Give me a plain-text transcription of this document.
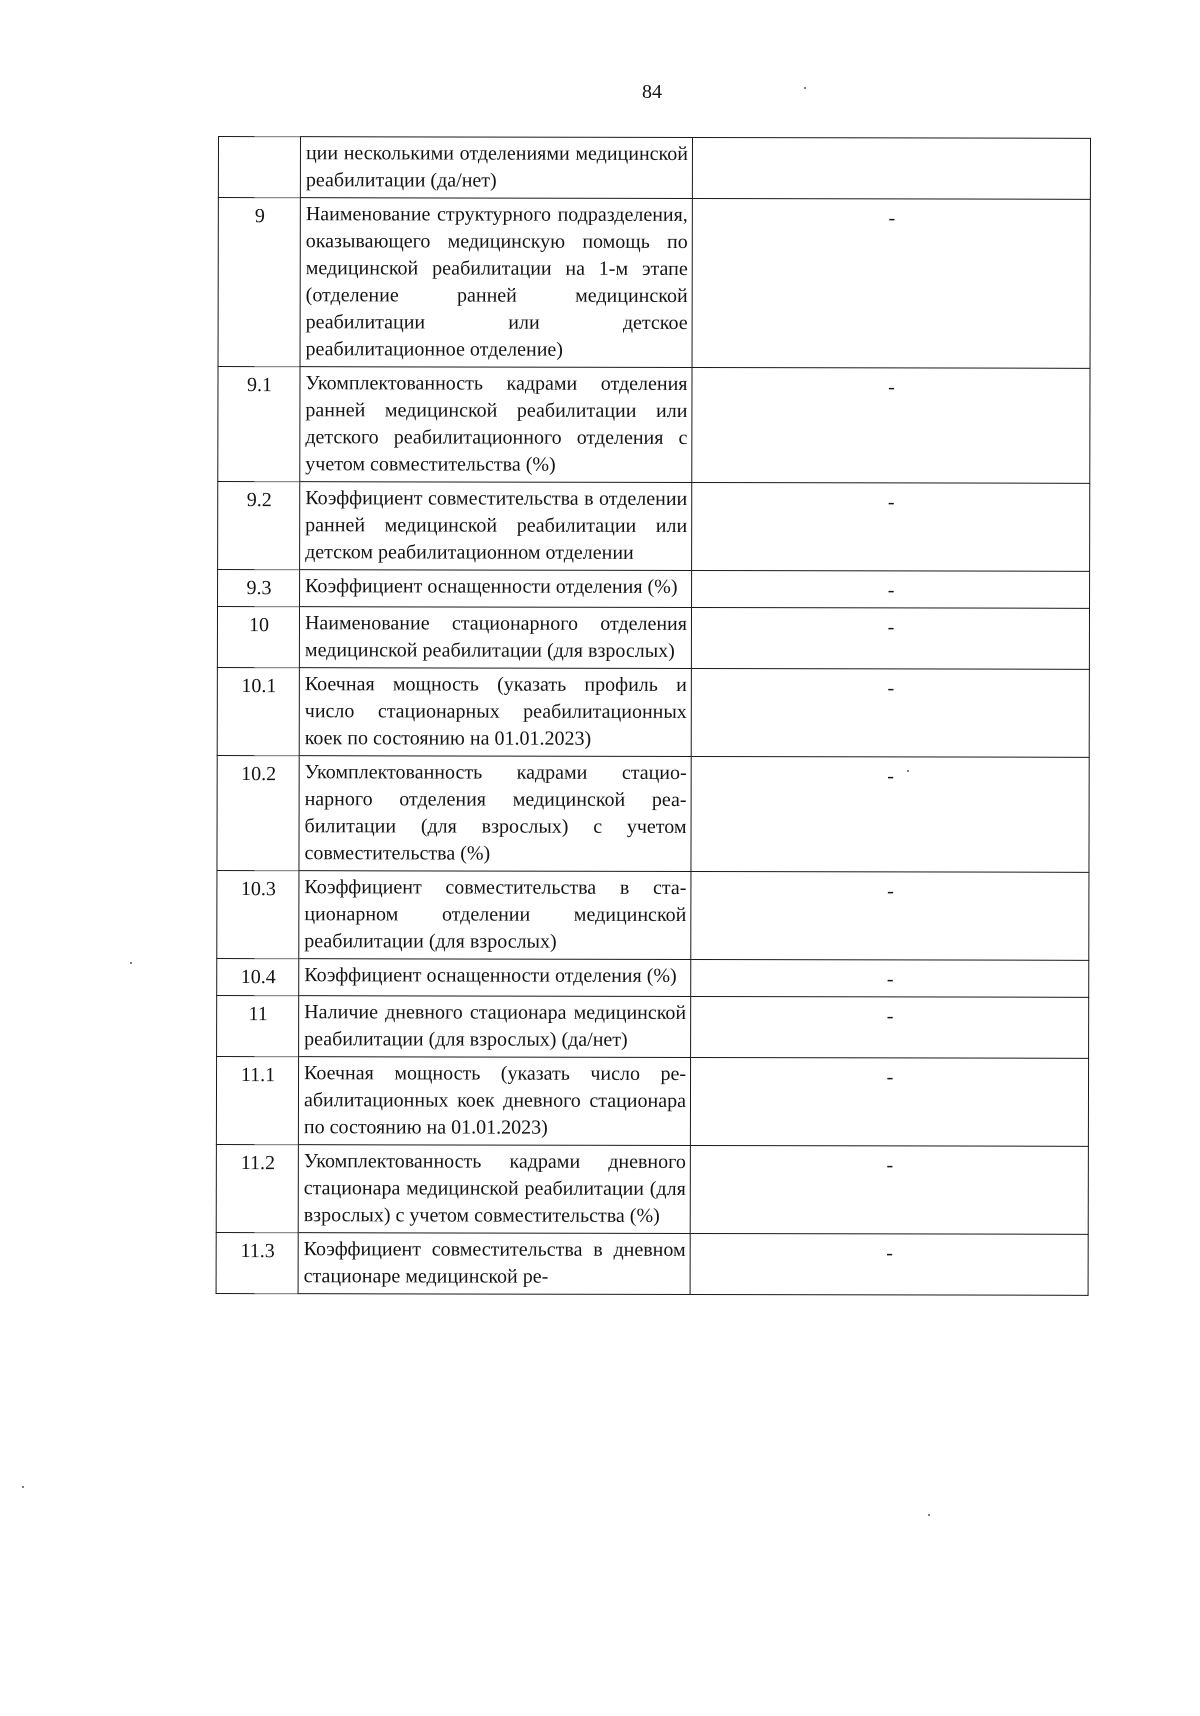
84
	ции несколькими отделениями медицинской реабилитации (да/нет)	
9	Наименование структурного подразделения, оказывающего медицинскую помощь по медицинской реабилитации на 1-м этапе (отделение ранней медицинской реабилитации или детское реабилитационное отделение)	-
9.1	Укомплектованность кадрами отделения ранней медицинской реабилитации или детского реабилитационного отделения с учетом совместительства (%)	-
9.2	Коэффициент совместительства в отделении ранней медицинской реабилитации или детском реабилитационном отделении	-
9.3	Коэффициент оснащенности отделения (%)	-
10	Наименование стационарного отделения медицинской реабилитации (для взрослых)	-
10.1	Коечная мощность (указать профиль и число стационарных реабилитационных коек по состоянию на 01.01.2023)	-
10.2	Укомплектованность кадрами стационарного отделения медицинской реабилитации (для взрослых) с учетом совместительства (%)	-
10.3	Коэффициент совместительства в стационарном отделении медицинской реабилитации (для взрослых)	-
10.4	Коэффициент оснащенности отделения (%)	-
11	Наличие дневного стационара медицинской реабилитации (для взрослых) (да/нет)	-
11.1	Коечная мощность (указать число реабилитационных коек дневного стационара по состоянию на 01.01.2023)	-
11.2	Укомплектованность кадрами дневного стационара медицинской реабилитации (для взрослых) с учетом совместительства (%)	-
11.3	Коэффициент совместительства в дневном стационаре медицинской ре-	-
